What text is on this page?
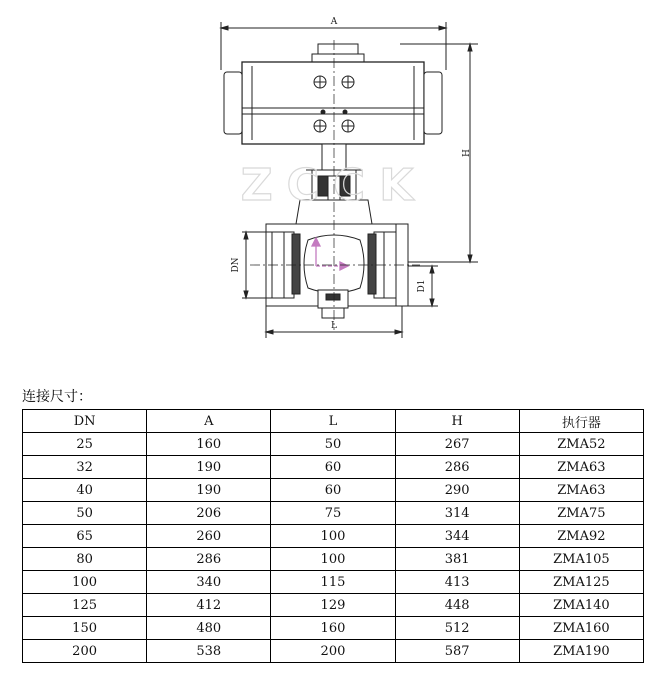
ZCCK
A
H
DN
D1
L
连接尺寸：
DN	A	L	H	执行器
25	160	50	267	ZMA52
32	190	60	286	ZMA63
40	190	60	290	ZMA63
50	206	75	314	ZMA75
65	260	100	344	ZMA92
80	286	100	381	ZMA105
100	340	115	413	ZMA125
125	412	129	448	ZMA140
150	480	160	512	ZMA160
200	538	200	587	ZMA190
